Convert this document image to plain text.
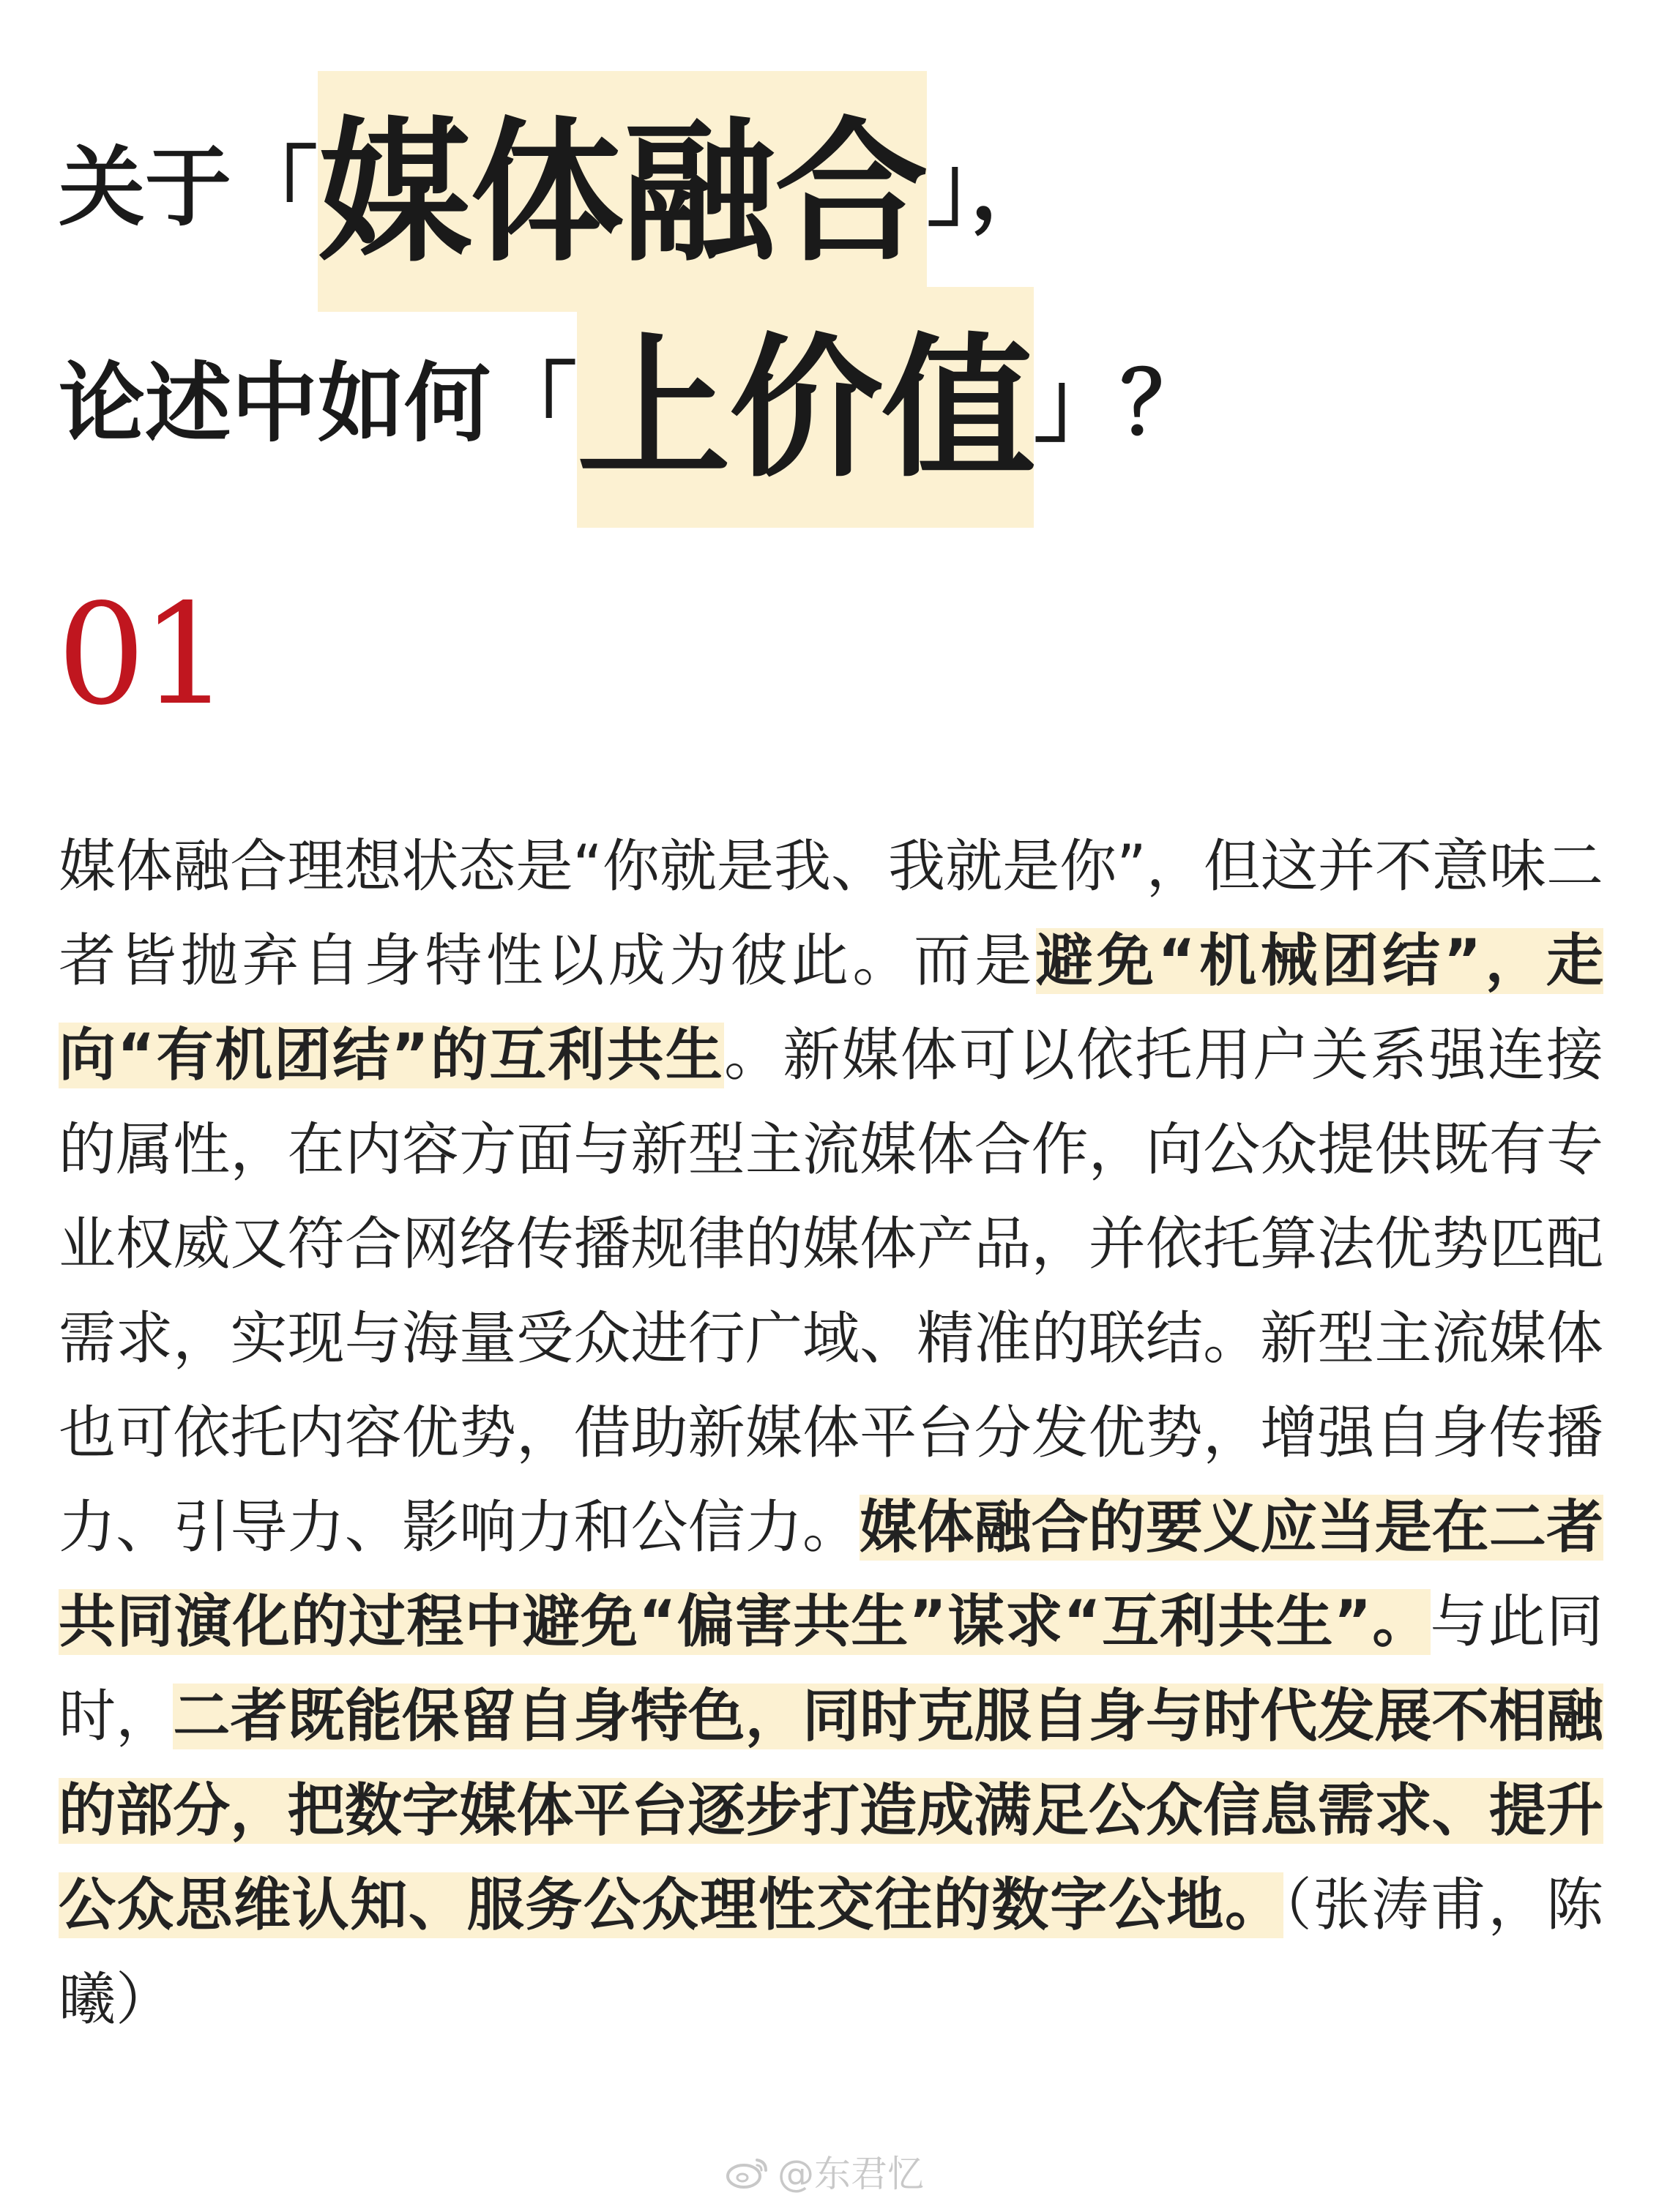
关于「媒体融合」，
论述中如何「上价值」？
01
媒体融合理想状态是“你就是我、我就是你”，但这并不意味二者皆抛弃自身特性以成为彼此。而是避免“机械团结”，走向“有机团结”的互利共生。新媒体可以依托用户关系强连接的属性，在内容方面与新型主流媒体合作，向公众提供既有专业权威又符合网络传播规律的媒体产品，并依托算法优势匹配需求，实现与海量受众进行广域、精准的联结。新型主流媒体也可依托内容优势，借助新媒体平台分发优势，增强自身传播力、引导力、影响力和公信力。媒体融合的要义应当是在二者共同演化的过程中避免“偏害共生”谋求“互利共生”。与此同时，二者既能保留自身特色，同时克服自身与时代发展不相融的部分，把数字媒体平台逐步打造成满足公众信息需求、提升公众思维认知、服务公众理性交往的数字公地。（张涛甫，陈曦）
@东君忆
